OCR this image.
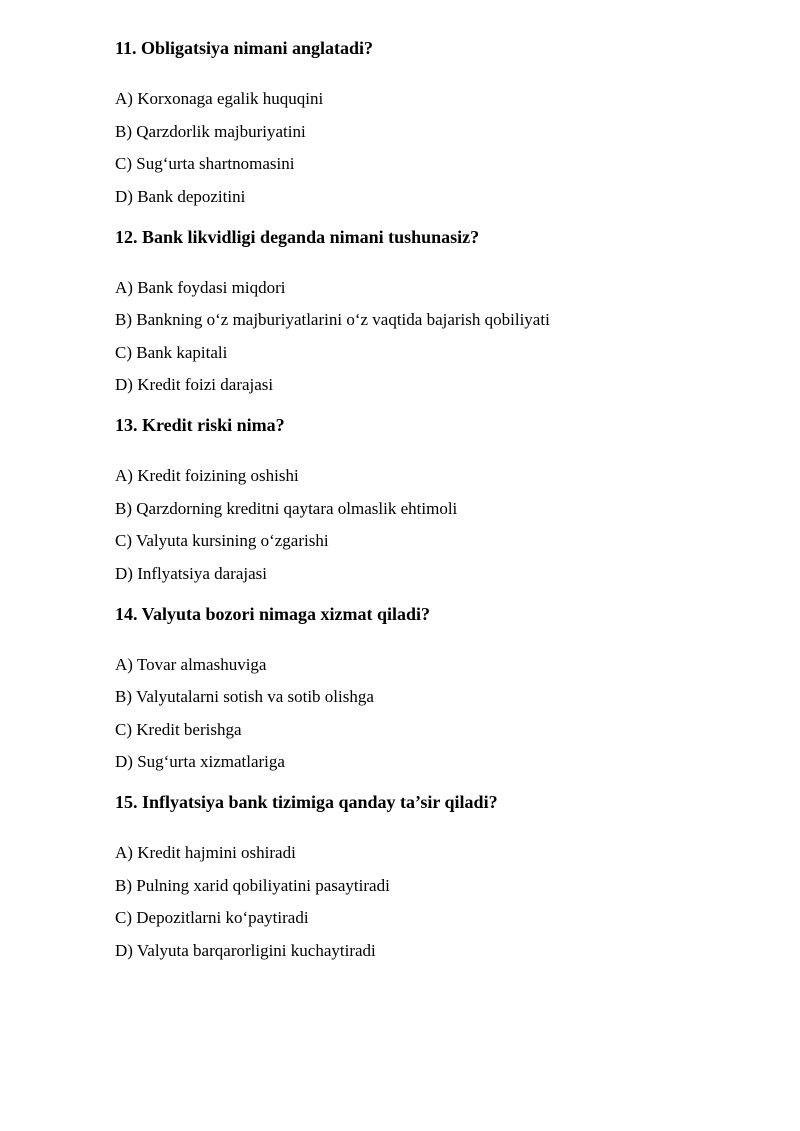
11. Obligatsiya nimani anglatadi?

A) Korxonaga egalik huquqini

B) Qarzdorlik majburiyatini

C) Sug‘urta shartnomasini

D) Bank depozitini

12. Bank likvidligi deganda nimani tushunasiz?

A) Bank foydasi miqdori

B) Bankning o‘z majburiyatlarini o‘z vaqtida bajarish qobiliyati

C) Bank kapitali

D) Kredit foizi darajasi

13. Kredit riski nima?

A) Kredit foizining oshishi

B) Qarzdorning kreditni qaytara olmaslik ehtimoli

C) Valyuta kursining o‘zgarishi

D) Inflyatsiya darajasi

14. Valyuta bozori nimaga xizmat qiladi?

A) Tovar almashuviga

B) Valyutalarni sotish va sotib olishga

C) Kredit berishga

D) Sug‘urta xizmatlariga

15. Inflyatsiya bank tizimiga qanday ta’sir qiladi?

A) Kredit hajmini oshiradi

B) Pulning xarid qobiliyatini pasaytiradi

C) Depozitlarni ko‘paytiradi

D) Valyuta barqarorligini kuchaytiradi
